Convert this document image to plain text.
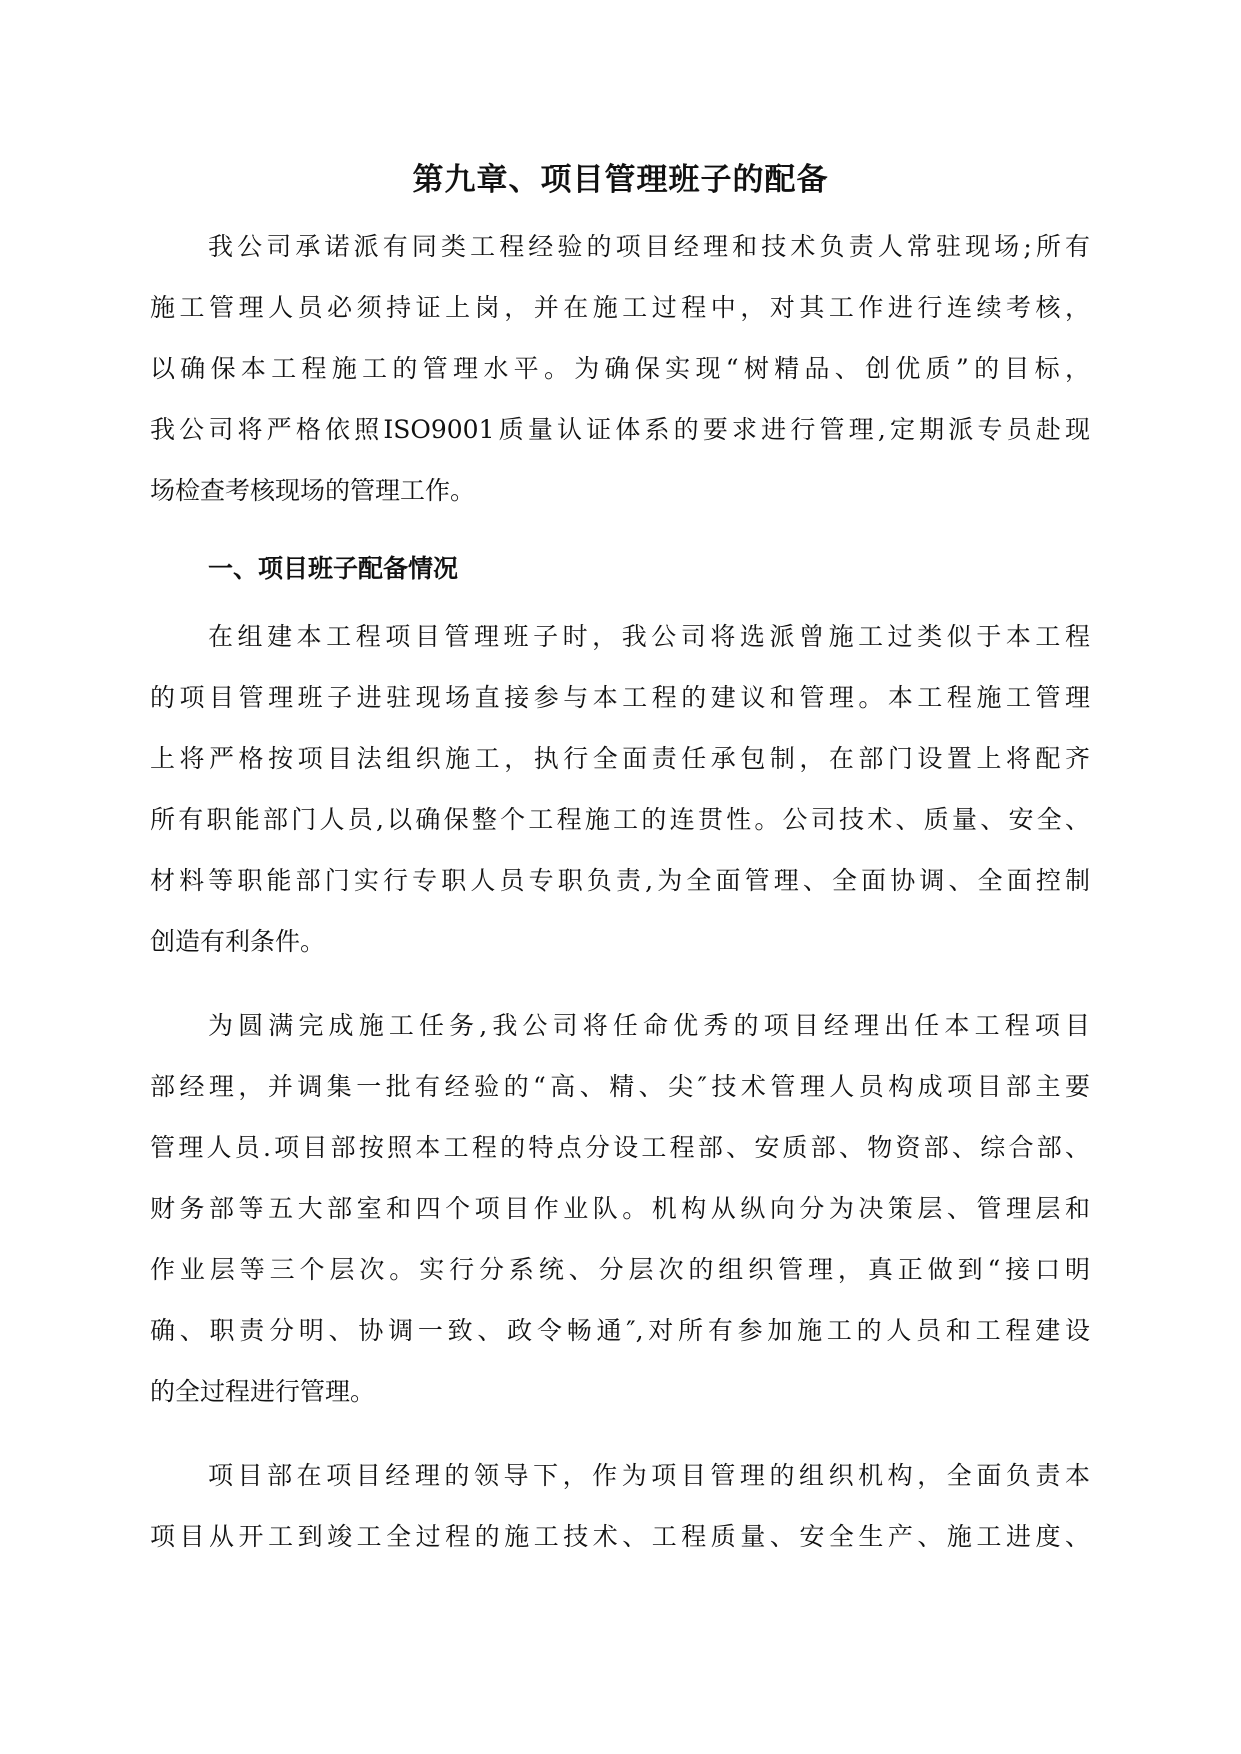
第九章、项目管理班子的配备
我公司承诺派有同类工程经验的项目经理和技术负责人常驻现场;所有
施工管理人员必须持证上岗，并在施工过程中，对其工作进行连续考核，
以确保本工程施工的管理水平。为确保实现“树精品、创优质”的目标，
我公司将严格依照ISO9001质量认证体系的要求进行管理,定期派专员赴现
场检查考核现场的管理工作。
一、项目班子配备情况
在组建本工程项目管理班子时，我公司将选派曾施工过类似于本工程
的项目管理班子进驻现场直接参与本工程的建议和管理。本工程施工管理
上将严格按项目法组织施工，执行全面责任承包制，在部门设置上将配齐
所有职能部门人员,以确保整个工程施工的连贯性。公司技术、质量、安全、
材料等职能部门实行专职人员专职负责,为全面管理、全面协调、全面控制
创造有利条件。
为圆满完成施工任务,我公司将任命优秀的项目经理出任本工程项目
部经理，并调集一批有经验的“高、精、尖″技术管理人员构成项目部主要
管理人员.项目部按照本工程的特点分设工程部、安质部、物资部、综合部、
财务部等五大部室和四个项目作业队。机构从纵向分为决策层、管理层和
作业层等三个层次。实行分系统、分层次的组织管理，真正做到“接口明
确、职责分明、协调一致、政令畅通″,对所有参加施工的人员和工程建设
的全过程进行管理。
项目部在项目经理的领导下，作为项目管理的组织机构，全面负责本
项目从开工到竣工全过程的施工技术、工程质量、安全生产、施工进度、
